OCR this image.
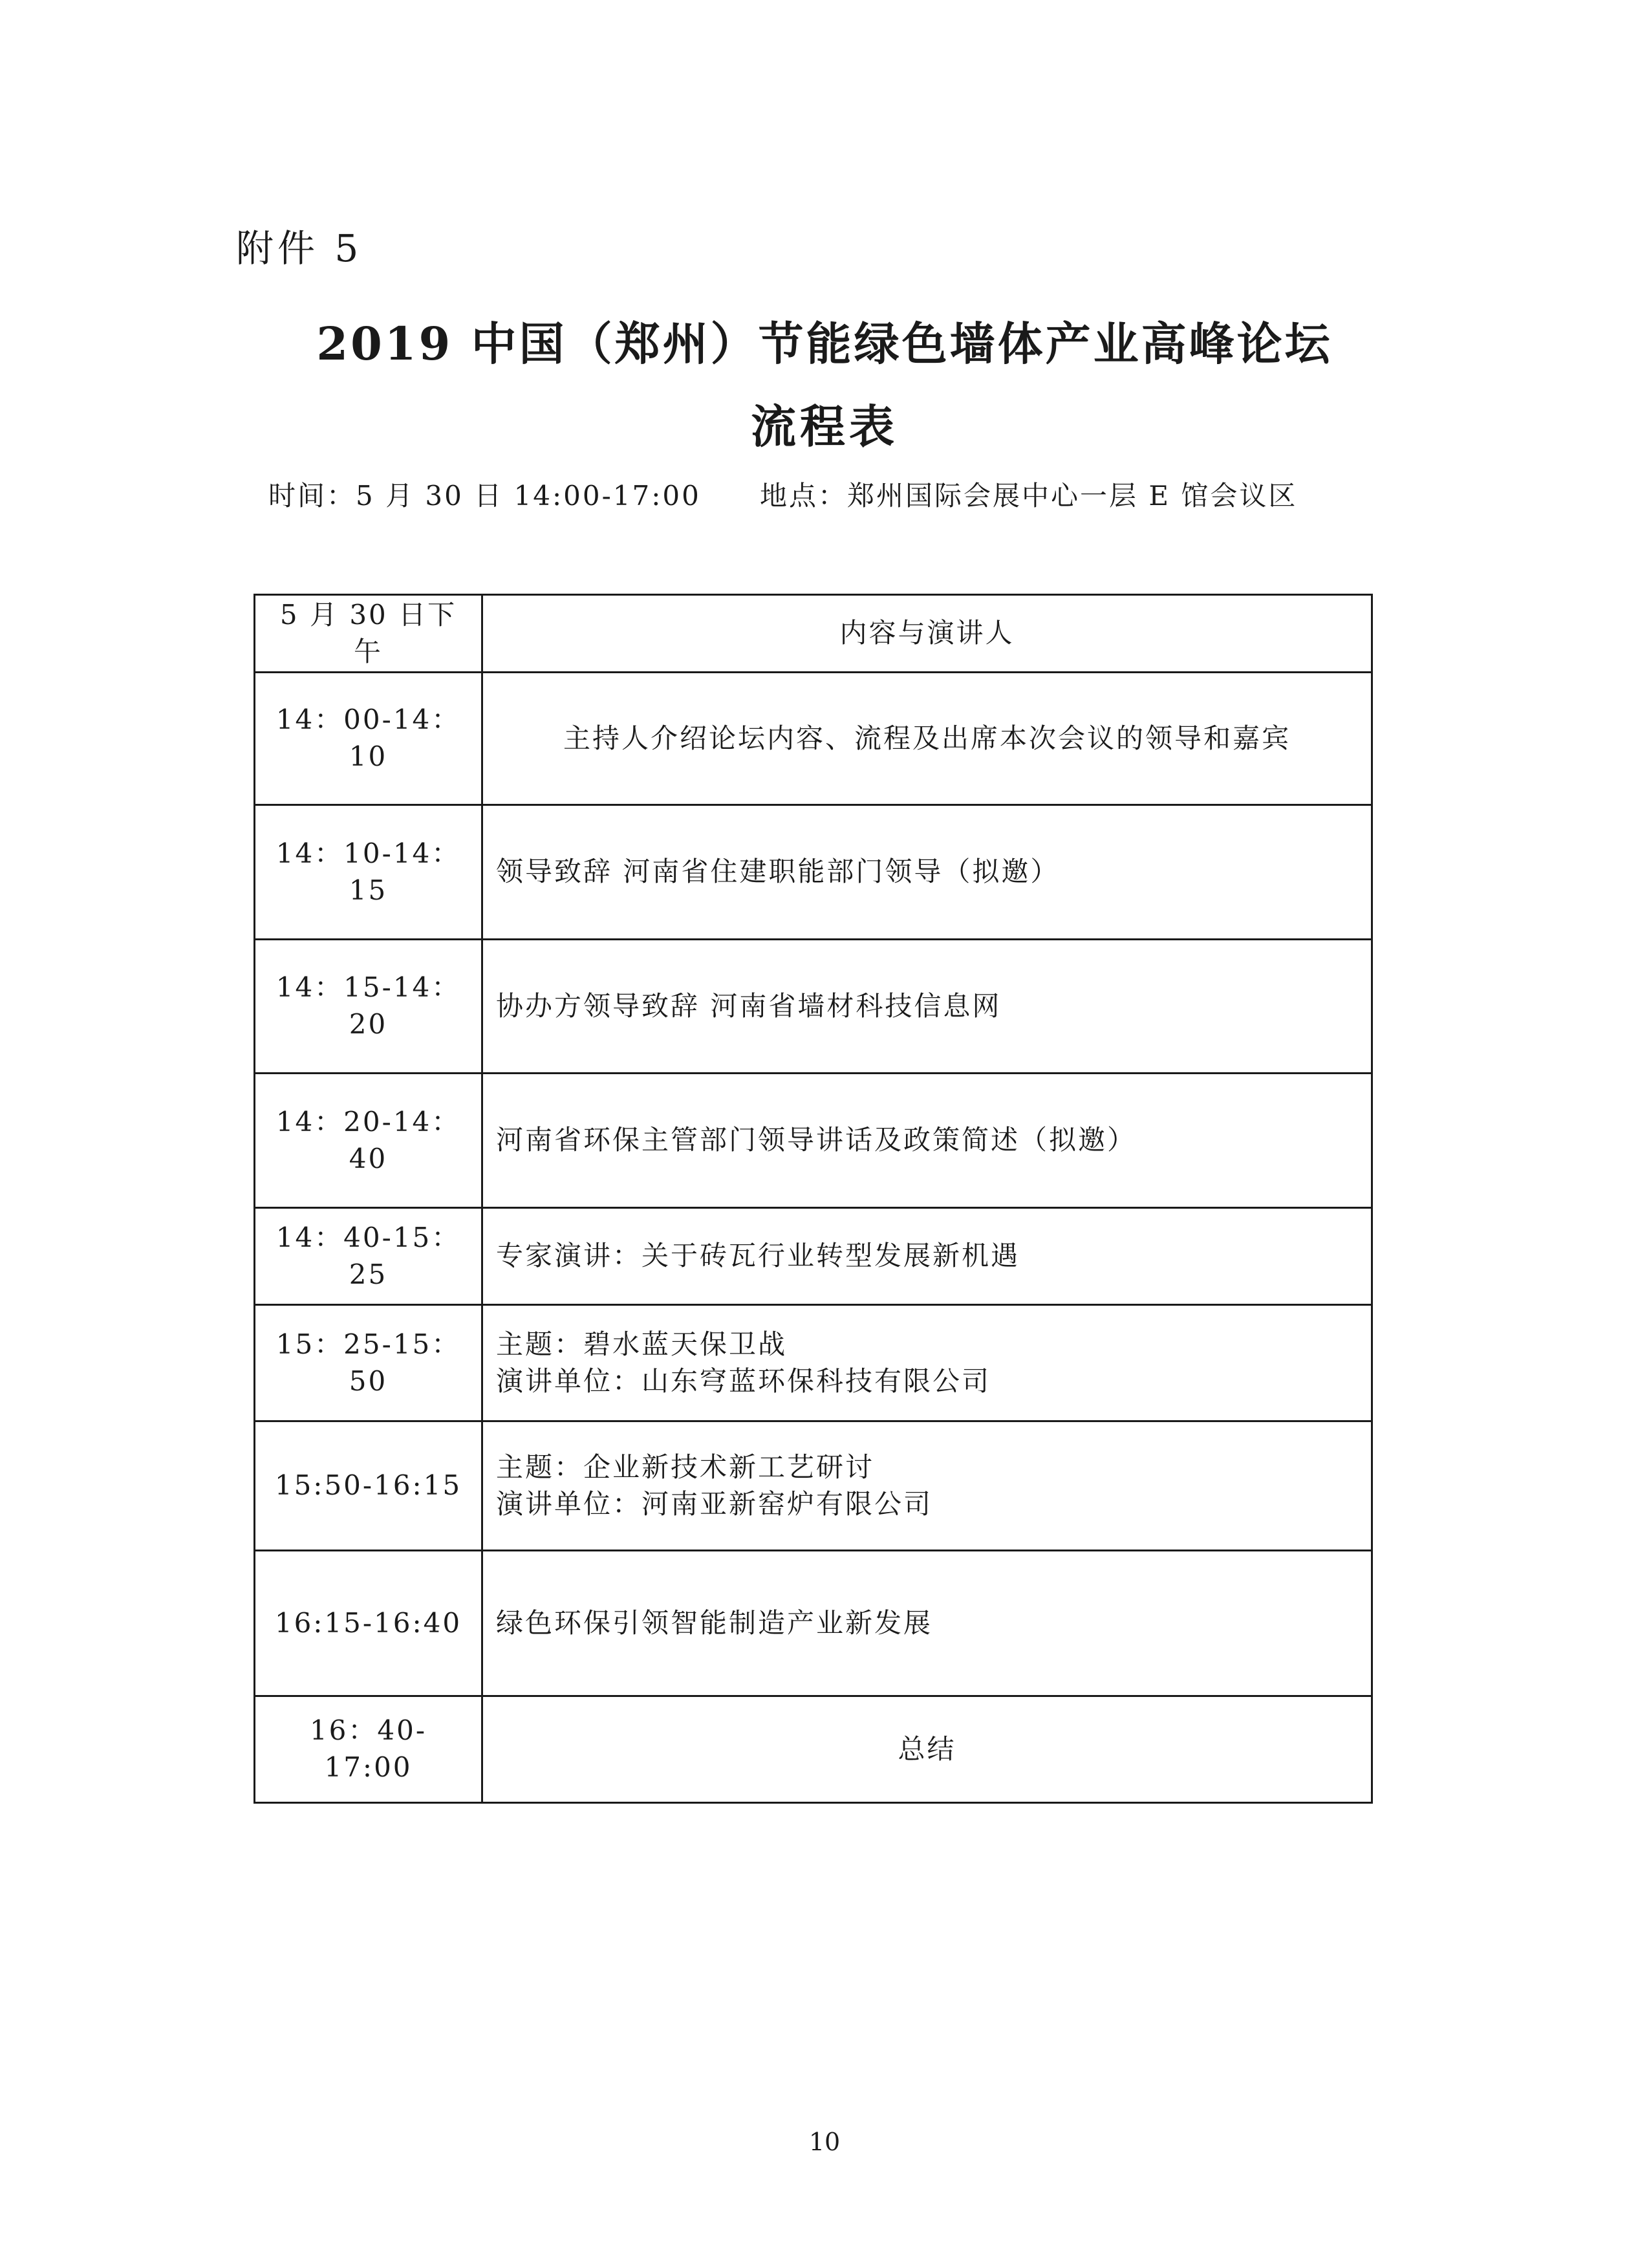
附件 5
2019 中国（郑州）节能绿色墙体产业高峰论坛
流程表
时间：5 月 30 日 14:00-17:00 地点：郑州国际会展中心一层 E 馆会议区
5 月 30 日下午	内容与演讲人
14：00-14：10	主持人介绍论坛内容、流程及出席本次会议的领导和嘉宾

14：10-14：15	领导致辞 河南省住建职能部门领导（拟邀）

14：15-14：20	协办方领导致辞 河南省墙材科技信息网

14：20-14：40	河南省环保主管部门领导讲话及政策简述（拟邀）

14：40-15：25	专家演讲：关于砖瓦行业转型发展新机遇

15：25-15：50	主题：碧水蓝天保卫战
演讲单位：山东穹蓝环保科技有限公司

15:50-16:15	主题：企业新技术新工艺研讨
演讲单位：河南亚新窑炉有限公司

16:15-16:40	绿色环保引领智能制造产业新发展

16：40-17:00	总结
10
